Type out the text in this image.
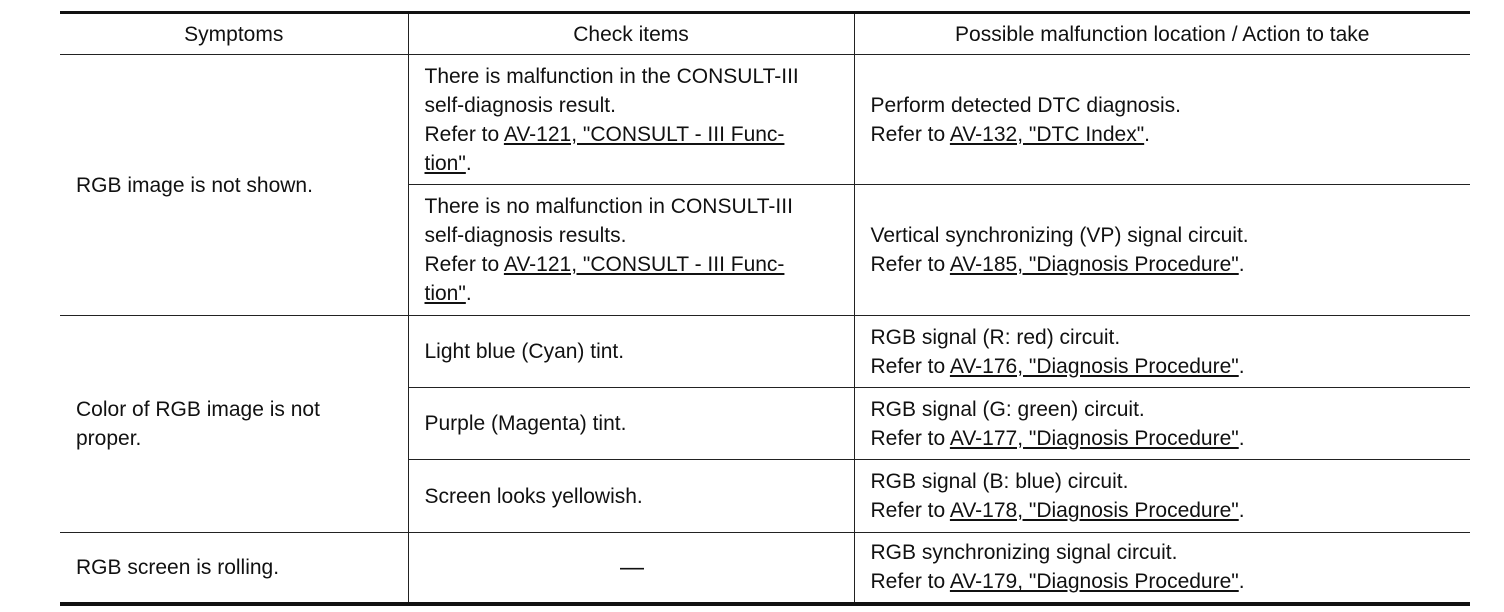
Symptoms	Check items	Possible malfunction location / Action to take

RGB image is not shown.	There is malfunction in the CONSULT-III
self-diagnosis result.
Refer to AV-121, "CONSULT - III Func-
tion".	Perform detected DTC diagnosis.
Refer to AV-132, "DTC Index".

	There is no malfunction in CONSULT-III
self-diagnosis results.
Refer to AV-121, "CONSULT - III Func-
tion".	Vertical synchronizing (VP) signal circuit.
Refer to AV-185, "Diagnosis Procedure".

Color of RGB image is not
proper.	Light blue (Cyan) tint.	RGB signal (R: red) circuit.
Refer to AV-176, "Diagnosis Procedure".

	Purple (Magenta) tint.	RGB signal (G: green) circuit.
Refer to AV-177, "Diagnosis Procedure".

	Screen looks yellowish.	RGB signal (B: blue) circuit.
Refer to AV-178, "Diagnosis Procedure".

RGB screen is rolling.	—	RGB synchronizing signal circuit.
Refer to AV-179, "Diagnosis Procedure".
